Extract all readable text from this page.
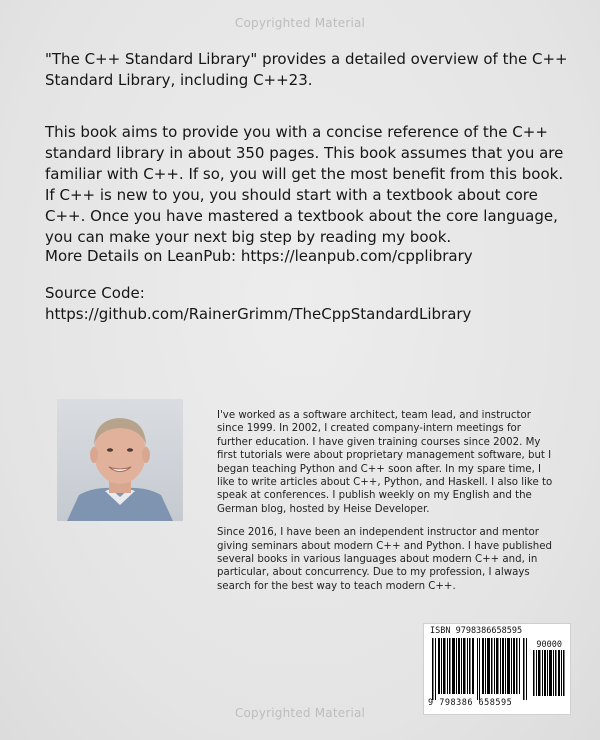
Copyrighted Material

"The C++ Standard Library" provides a detailed overview of the C++ Standard Library, including C++23.

This book aims to provide you with a concise reference of the C++ standard library in about 350 pages. This book assumes that you are familiar with C++. If so, you will get the most benefit from this book. If C++ is new to you, you should start with a textbook about core C++. Once you have mastered a textbook about the core language, you can make your next big step by reading my book.

More Details on LeanPub: https://leanpub.com/cpplibrary

Source Code: https://github.com/RainerGrimm/TheCppStandardLibrary

I've worked as a software architect, team lead, and instructor since 1999. In 2002, I created company-intern meetings for further education. I have given training courses since 2002. My first tutorials were about proprietary management software, but I began teaching Python and C++ soon after. In my spare time, I like to write articles about C++, Python, and Haskell. I also like to speak at conferences. I publish weekly on my English and the German blog, hosted by Heise Developer.

Since 2016, I have been an independent instructor and mentor giving seminars about modern C++ and Python. I have published several books in various languages about modern C++ and, in particular, about concurrency. Due to my profession, I always search for the best way to teach modern C++.

ISBN 9798386658595
90000
9 798386 658595
Copyrighted Material
